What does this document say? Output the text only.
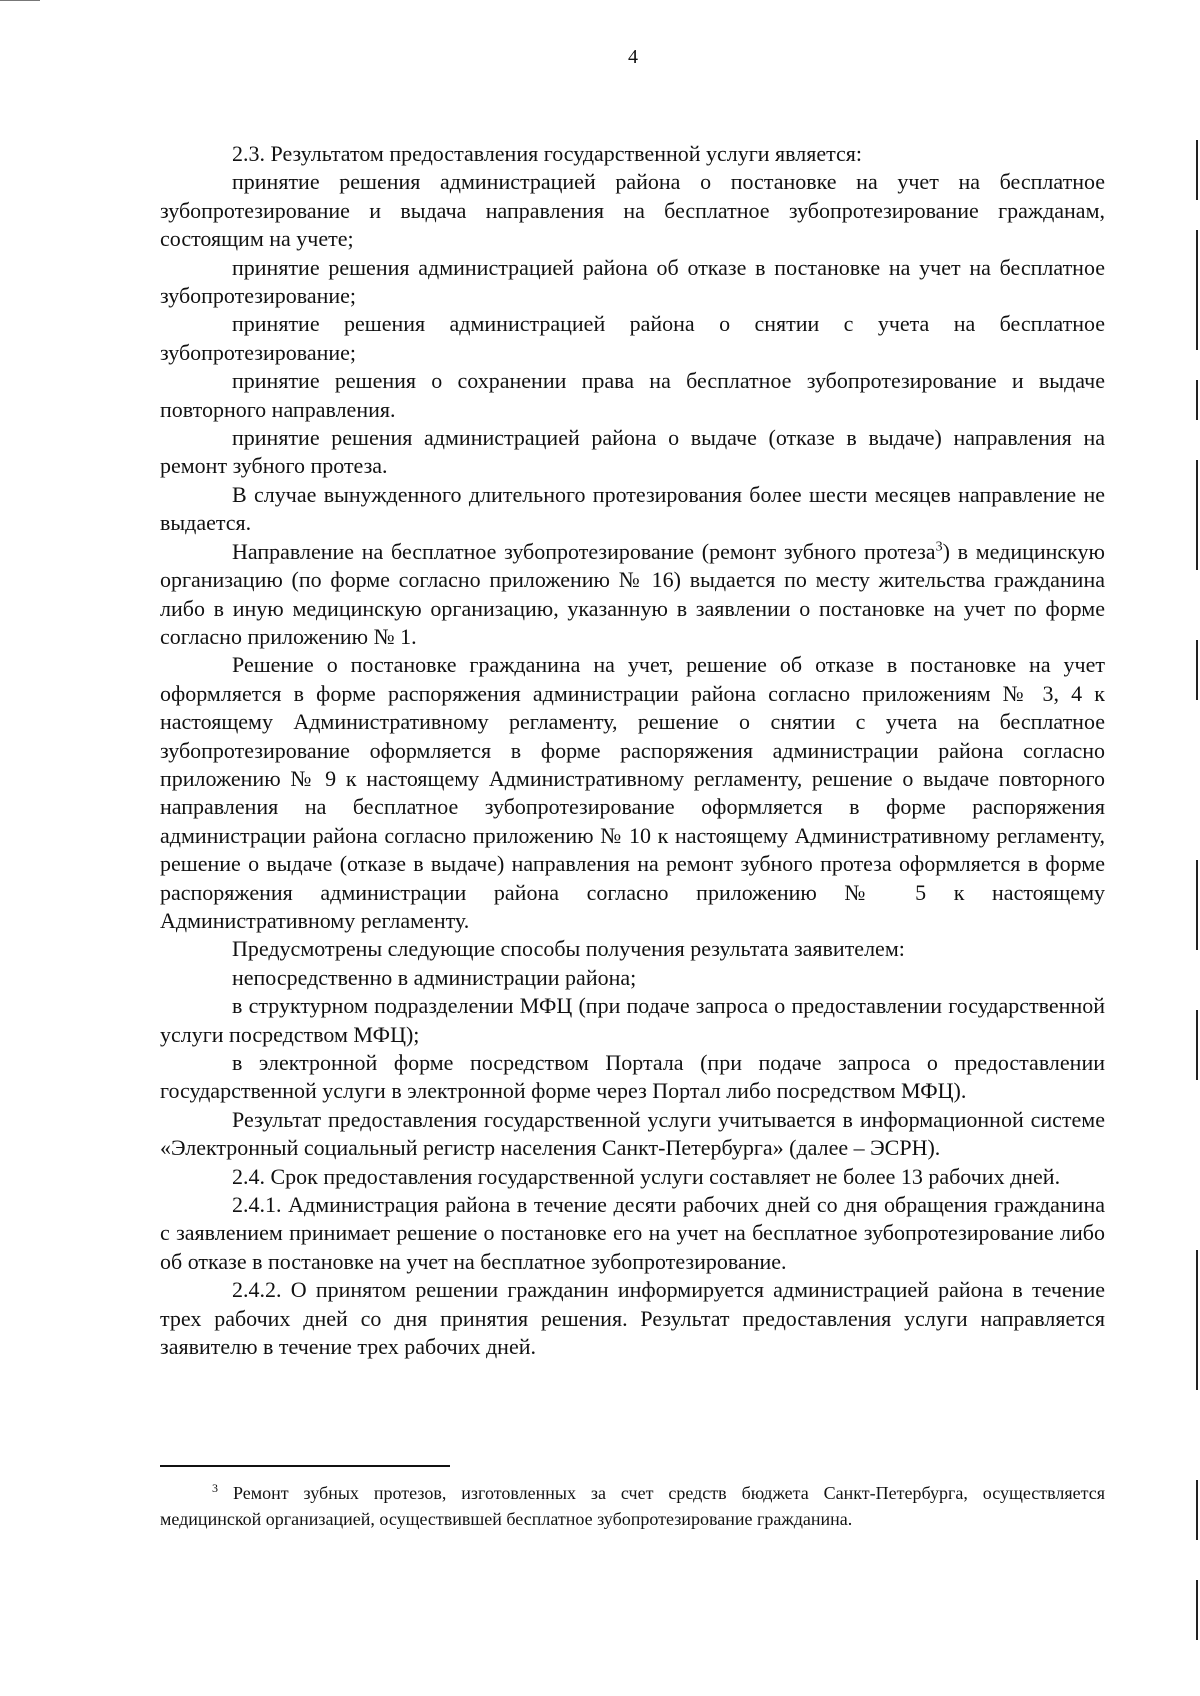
4

2.3. Результатом предоставления государственной услуги является:

принятие решения администрацией района о постановке на учет на бесплатное зубопротезирование и выдача направления на бесплатное зубопротезирование гражданам, состоящим на учете;

принятие решения администрацией района об отказе в постановке на учет на бесплатное зубопротезирование;

принятие решения администрацией района о снятии с учета на бесплатное зубопротезирование;

принятие решения о сохранении права на бесплатное зубопротезирование и выдаче повторного направления.

принятие решения администрацией района о выдаче (отказе в выдаче) направления на ремонт зубного протеза.

В случае вынужденного длительного протезирования более шести месяцев направление не выдается.

Направление на бесплатное зубопротезирование (ремонт зубного протеза$^3$) в медицинскую организацию (по форме согласно приложению № 16) выдается по месту жительства гражданина либо в иную медицинскую организацию, указанную в заявлении о постановке на учет по форме согласно приложению № 1.

Решение о постановке гражданина на учет, решение об отказе в постановке на учет оформляется в форме распоряжения администрации района согласно приложениям № 3, 4 к настоящему Административному регламенту, решение о снятии с учета на бесплатное зубопротезирование оформляется в форме распоряжения администрации района согласно приложению № 9 к настоящему Административному регламенту, решение о выдаче повторного направления на бесплатное зубопротезирование оформляется в форме распоряжения администрации района согласно приложению № 10 к настоящему Административному регламенту, решение о выдаче (отказе в выдаче) направления на ремонт зубного протеза оформляется в форме распоряжения администрации района согласно приложению № 5 к настоящему Административному регламенту.

Предусмотрены следующие способы получения результата заявителем:

непосредственно в администрации района;

в структурном подразделении МФЦ (при подаче запроса о предоставлении государственной услуги посредством МФЦ);

в электронной форме посредством Портала (при подаче запроса о предоставлении государственной услуги в электронной форме через Портал либо посредством МФЦ).

Результат предоставления государственной услуги учитывается в информационной системе «Электронный социальный регистр населения Санкт-Петербурга» (далее – ЭСРН).

2.4. Срок предоставления государственной услуги составляет не более 13 рабочих дней.

2.4.1. Администрация района в течение десяти рабочих дней со дня обращения гражданина с заявлением принимает решение о постановке его на учет на бесплатное зубопротезирование либо об отказе в постановке на учет на бесплатное зубопротезирование.

2.4.2. О принятом решении гражданин информируется администрацией района в течение трех рабочих дней со дня принятия решения. Результат предоставления услуги направляется заявителю в течение трех рабочих дней.

$^3$ Ремонт зубных протезов, изготовленных за счет средств бюджета Санкт-Петербурга, осуществляется медицинской организацией, осуществившей бесплатное зубопротезирование гражданина.
